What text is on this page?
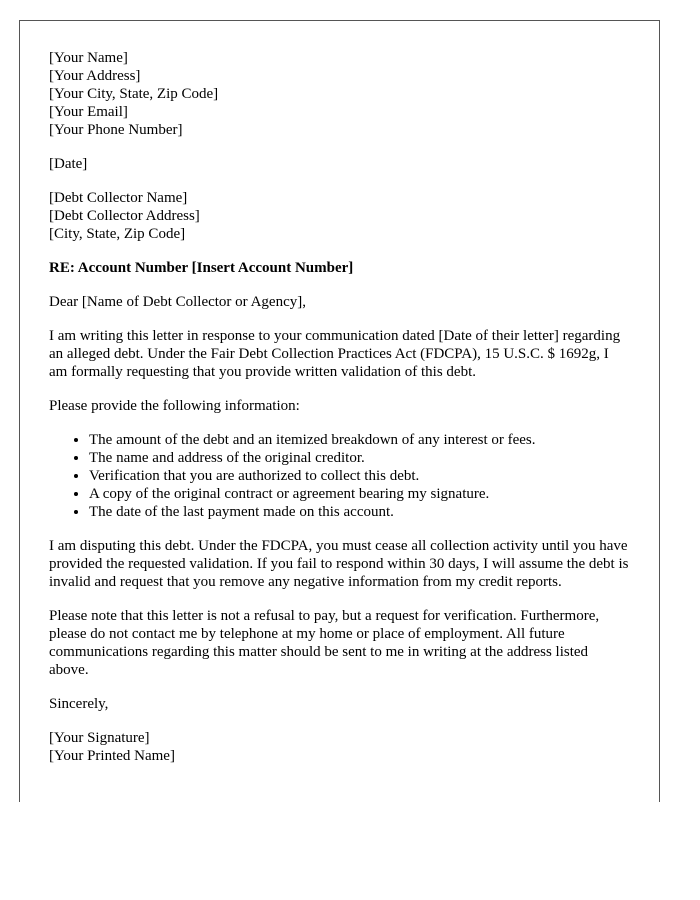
[Your Name]
[Your Address]
[Your City, State, Zip Code]
[Your Email]
[Your Phone Number]
[Date]
[Debt Collector Name]
[Debt Collector Address]
[City, State, Zip Code]
RE: Account Number [Insert Account Number]

Dear [Name of Debt Collector or Agency],

I am writing this letter in response to your communication dated [Date of their letter] regarding an alleged debt. Under the Fair Debt Collection Practices Act (FDCPA), 15 U.S.C. $ 1692g, I am formally requesting that you provide written validation of this debt.

Please provide the following information:

• The amount of the debt and an itemized breakdown of any interest or fees.
• The name and address of the original creditor.
• Verification that you are authorized to collect this debt.
• A copy of the original contract or agreement bearing my signature.
• The date of the last payment made on this account.

I am disputing this debt. Under the FDCPA, you must cease all collection activity until you have provided the requested validation. If you fail to respond within 30 days, I will assume the debt is invalid and request that you remove any negative information from my credit reports.

Please note that this letter is not a refusal to pay, but a request for verification. Furthermore, please do not contact me by telephone at my home or place of employment. All future communications regarding this matter should be sent to me in writing at the address listed above.

Sincerely,

[Your Signature]
[Your Printed Name]
